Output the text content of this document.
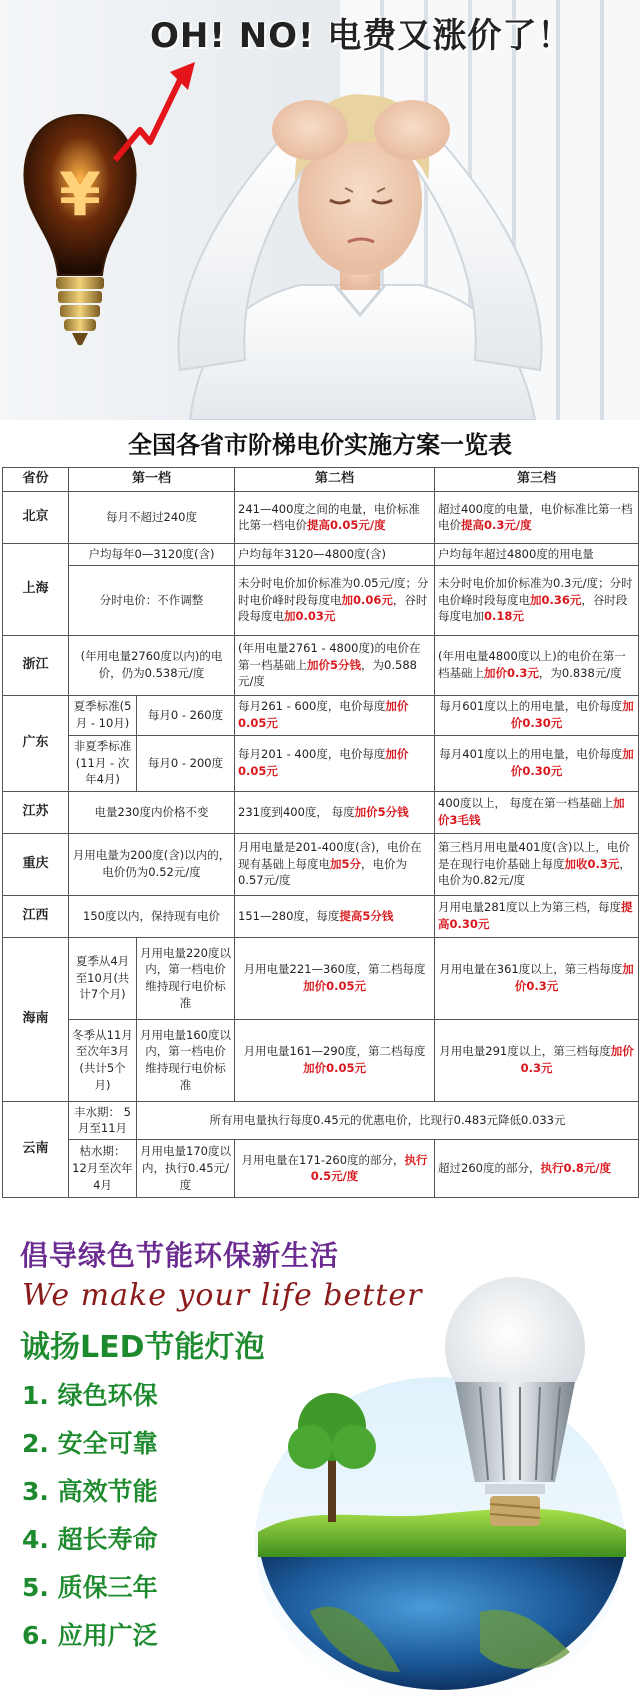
¥
OH! NO! 电费又涨价了！
全国各省市阶梯电价实施方案一览表
省份	第一档		第二档	第三档
北京	每月不超过240度		241—400度之间的电量，电价标准比第一档电价提高0.05元/度	超过400度的电量，电价标准比第一档电价提高0.3元/度
上海	户均每年0—3120度(含)		户均每年3120—4800度(含)	户均每年超过4800度的用电量
	分时电价：不作调整		未分时电价加价标准为0.05元/度；分时电价峰时段每度电加0.06元，谷时段每度电加0.03元	未分时电价加价标准为0.3元/度；分时电价峰时段每度电加0.36元，谷时段每度电加0.18元
浙江	(年用电量2760度以内)的电价，仍为0.538元/度		(年用电量2761 - 4800度)的电价在第一档基础上加价5分钱，为0.588元/度	(年用电量4800度以上)的电价在第一档基础上加价0.3元，为0.838元/度
广东	夏季标准(5月 - 10月)	每月0 - 260度	每月261 - 600度，电价每度加价0.05元	每月601度以上的用电量，电价每度加价0.30元
	非夏季标准(11月 - 次年4月)	每月0 - 200度	每月201 - 400度，电价每度加价0.05元	每月401度以上的用电量，电价每度加价0.30元
江苏	电量230度内价格不变		231度到400度， 每度加价5分钱	400度以上， 每度在第一档基础上加价3毛钱
重庆	月用电量为200度(含)以内的，电价仍为0.52元/度		月用电量是201-400度(含)，电价在现有基础上每度电加5分，电价为0.57元/度	第三档月用电量401度(含)以上，电价是在现行电价基础上每度加收0.3元，电价为0.82元/度
江西	150度以内，保持现有电价		151—280度，每度提高5分钱	月用电量281度以上为第三档，每度提高0.30元
海南	夏季从4月至10月(共计7个月)	月用电量220度以内，第一档电价维持现行电价标准	月用电量221—360度，第二档每度加价0.05元	月用电量在361度以上，第三档每度加价0.3元
	冬季从11月至次年3月(共计5个月)	月用电量160度以内，第一档电价维持现行电价标准	月用电量161—290度，第二档每度加价0.05元	月用电量291度以上，第三档每度加价0.3元
云南	丰水期： 5月至11月	所有用电量执行每度0.45元的优惠电价，比现行0.483元降低0.033元		
	枯水期： 12月至次年4月	月用电量170度以内，执行0.45元/度	月用电量在171-260度的部分，执行0.5元/度	超过260度的部分，执行0.8元/度
倡导绿色节能环保新生活
We make your life better
诚扬LED节能灯泡
1. 绿色环保
2. 安全可靠
3. 高效节能
4. 超长寿命
5. 质保三年
6. 应用广泛
